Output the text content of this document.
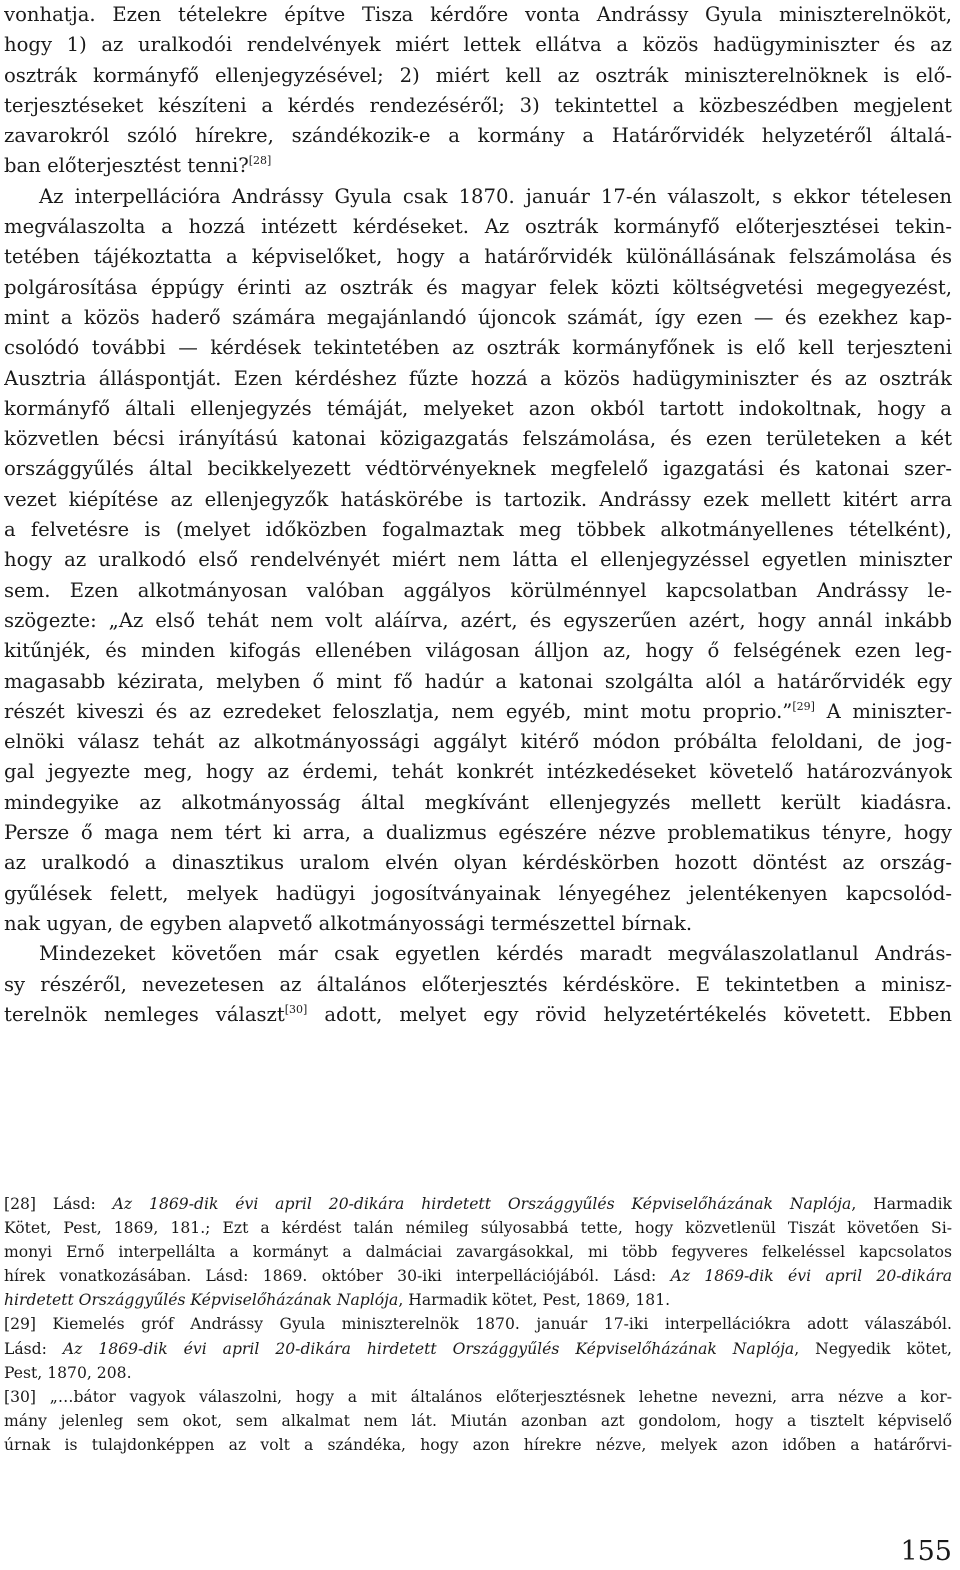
vonhatja. Ezen tételekre építve Tisza kérdőre vonta Andrássy Gyula miniszterelnököt,
hogy 1) az uralkodói rendelvények miért lettek ellátva a közös hadügyminiszter és az
osztrák kormányfő ellenjegyzésével; 2) miért kell az osztrák miniszterelnöknek is elő-
terjesztéseket készíteni a kérdés rendezéséről; 3) tekintettel a közbeszédben megjelent
zavarokról szóló hírekre, szándékozik-e a kormány a Határőrvidék helyzetéről általá-
ban előterjesztést tenni?[28]
Az interpellációra Andrássy Gyula csak 1870. január 17-én válaszolt, s ekkor tételesen
megválaszolta a hozzá intézett kérdéseket. Az osztrák kormányfő előterjesztései tekin-
tetében tájékoztatta a képviselőket, hogy a határőrvidék különállásának felszámolása és
polgárosítása éppúgy érinti az osztrák és magyar felek közti költségvetési megegyezést,
mint a közös haderő számára megajánlandó újoncok számát, így ezen — és ezekhez kap-
csolódó további — kérdések tekintetében az osztrák kormányfőnek is elő kell terjeszteni
Ausztria álláspontját. Ezen kérdéshez fűzte hozzá a közös hadügyminiszter és az osztrák
kormányfő általi ellenjegyzés témáját, melyeket azon okból tartott indokoltnak, hogy a
közvetlen bécsi irányítású katonai közigazgatás felszámolása, és ezen területeken a két
országgyűlés által becikkelyezett védtörvényeknek megfelelő igazgatási és katonai szer-
vezet kiépítése az ellenjegyzők hatáskörébe is tartozik. Andrássy ezek mellett kitért arra
a felvetésre is (melyet időközben fogalmaztak meg többek alkotmányellenes tételként),
hogy az uralkodó első rendelvényét miért nem látta el ellenjegyzéssel egyetlen miniszter
sem. Ezen alkotmányosan valóban aggályos körülménnyel kapcsolatban Andrássy le-
szögezte: „Az első tehát nem volt aláírva, azért, és egyszerűen azért, hogy annál inkább
kitűnjék, és minden kifogás ellenében világosan álljon az, hogy ő felségének ezen leg-
magasabb kézirata, melyben ő mint fő hadúr a katonai szolgálta alól a határőrvidék egy
részét kiveszi és az ezredeket feloszlatja, nem egyéb, mint motu proprio.”[29] A miniszter-
elnöki válasz tehát az alkotmányossági aggályt kitérő módon próbálta feloldani, de jog-
gal jegyezte meg, hogy az érdemi, tehát konkrét intézkedéseket követelő határozványok
mindegyike az alkotmányosság által megkívánt ellenjegyzés mellett került kiadásra.
Persze ő maga nem tért ki arra, a dualizmus egészére nézve problematikus tényre, hogy
az uralkodó a dinasztikus uralom elvén olyan kérdéskörben hozott döntést az ország-
gyűlések felett, melyek hadügyi jogosítványainak lényegéhez jelentékenyen kapcsolód-
nak ugyan, de egyben alapvető alkotmányossági természettel bírnak.
Mindezeket követően már csak egyetlen kérdés maradt megválaszolatlanul András-
sy részéről, nevezetesen az általános előterjesztés kérdésköre. E tekintetben a minisz-
terelnök nemleges választ[30] adott, melyet egy rövid helyzetértékelés követett. Ebben
[28] Lásd: Az 1869-dik évi april 20-dikára hirdetett Országgyűlés Képviselőházának Naplója, Harmadik
Kötet, Pest, 1869, 181.; Ezt a kérdést talán némileg súlyosabbá tette, hogy közvetlenül Tiszát követően Si-
monyi Ernő interpellálta a kormányt a dalmáciai zavargásokkal, mi több fegyveres felkeléssel kapcsolatos
hírek vonatkozásában. Lásd: 1869. október 30-iki interpellációjából. Lásd: Az 1869-dik évi april 20-dikára
hirdetett Országgyűlés Képviselőházának Naplója, Harmadik kötet, Pest, 1869, 181.
[29] Kiemelés gróf Andrássy Gyula miniszterelnök 1870. január 17-iki interpellációkra adott válaszából.
Lásd: Az 1869-dik évi april 20-dikára hirdetett Országgyűlés Képviselőházának Naplója, Negyedik kötet,
Pest, 1870, 208.
[30] „…bátor vagyok válaszolni, hogy a mit általános előterjesztésnek lehetne nevezni, arra nézve a kor-
mány jelenleg sem okot, sem alkalmat nem lát. Miután azonban azt gondolom, hogy a tisztelt képviselő
úrnak is tulajdonképpen az volt a szándéka, hogy azon hírekre nézve, melyek azon időben a határőrvi-
155
